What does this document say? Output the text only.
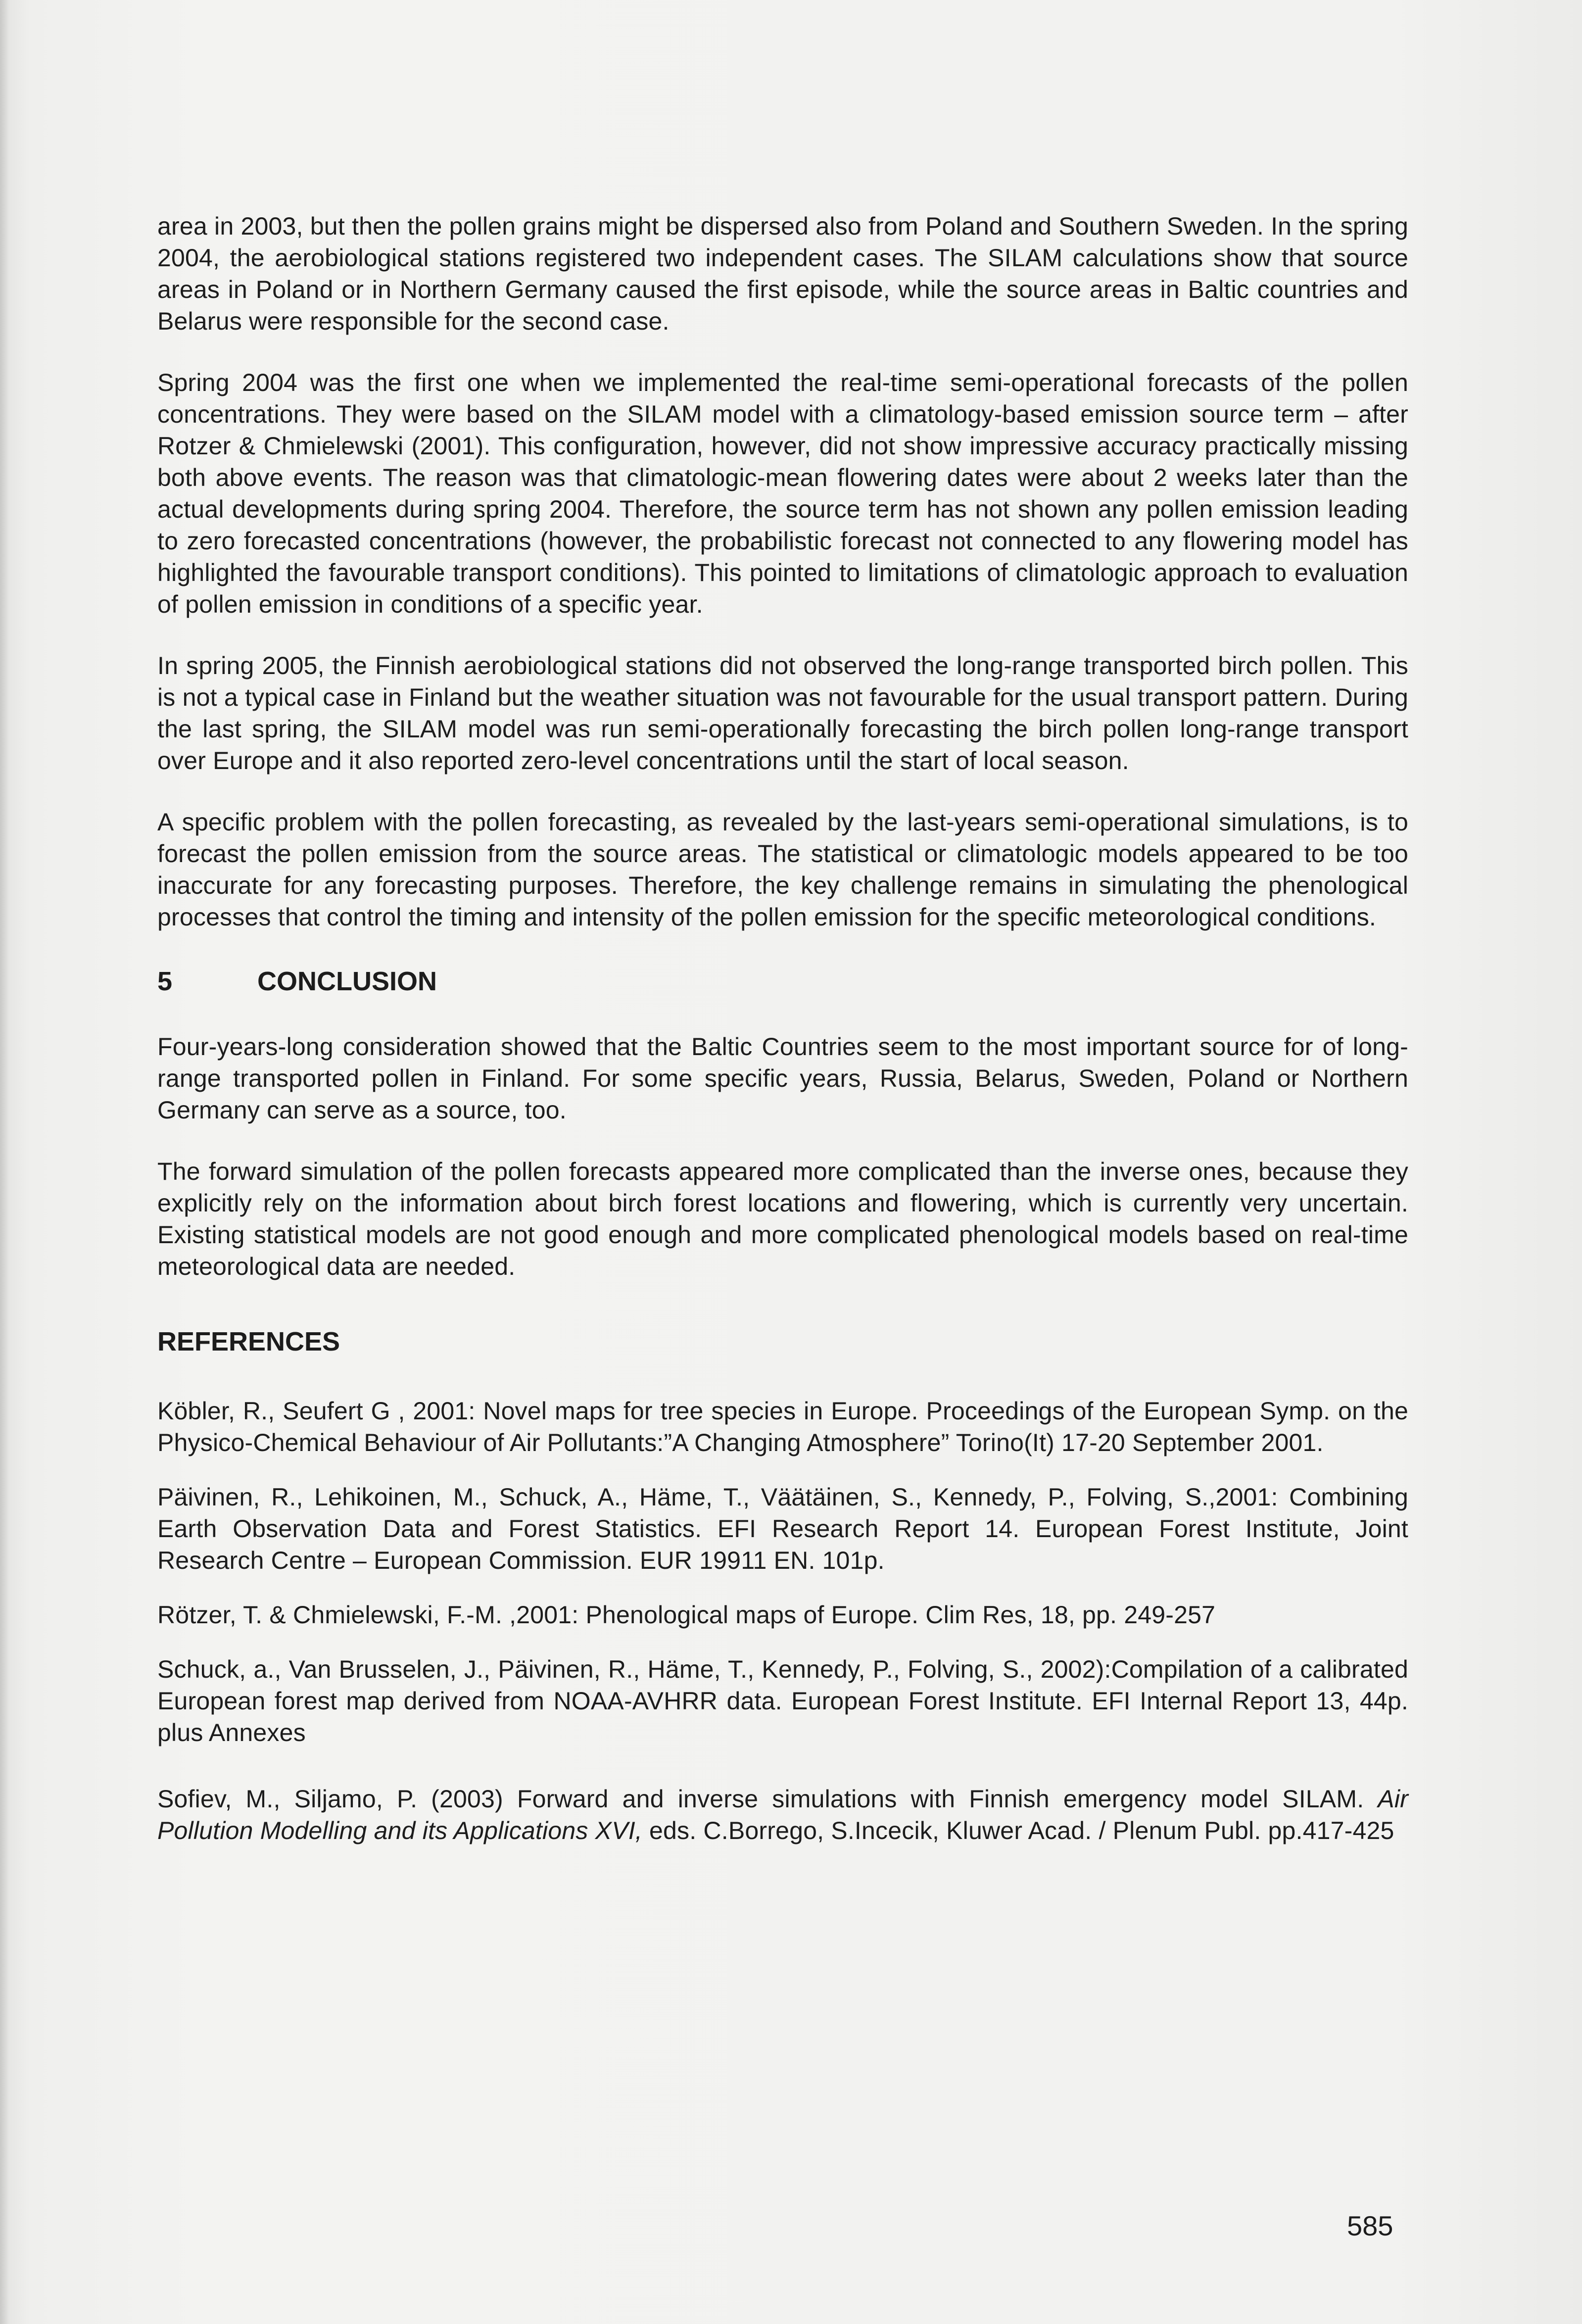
area in 2003, but then the pollen grains might be dispersed also from Poland and Southern Sweden. In the spring 2004, the aerobiological stations registered two independent cases. The SILAM calculations show that source areas in Poland or in Northern Germany caused the first episode, while the source areas in Baltic countries and Belarus were responsible for the second case.

Spring 2004 was the first one when we implemented the real-time semi-operational forecasts of the pollen concentrations. They were based on the SILAM model with a climatology-based emission source term – after Rotzer & Chmielewski (2001). This configuration, however, did not show impressive accuracy practically missing both above events. The reason was that climatologic-mean flowering dates were about 2 weeks later than the actual developments during spring 2004. Therefore, the source term has not shown any pollen emission leading to zero forecasted concentrations (however, the probabilistic forecast not connected to any flowering model has highlighted the favourable transport conditions). This pointed to limitations of climatologic approach to evaluation of pollen emission in conditions of a specific year.

In spring 2005, the Finnish aerobiological stations did not observed the long-range transported birch pollen. This is not a typical case in Finland but the weather situation was not favourable for the usual transport pattern. During the last spring, the SILAM model was run semi-operationally forecasting the birch pollen long-range transport over Europe and it also reported zero-level concentrations until the start of local season.

A specific problem with the pollen forecasting, as revealed by the last-years semi-operational simulations, is to forecast the pollen emission from the source areas. The statistical or climatologic models appeared to be too inaccurate for any forecasting purposes. Therefore, the key challenge remains in simulating the phenological processes that control the timing and intensity of the pollen emission for the specific meteorological conditions.

5	CONCLUSION

Four-years-long consideration showed that the Baltic Countries seem to the most important source for of long-range transported pollen in Finland. For some specific years, Russia, Belarus, Sweden, Poland or Northern Germany can serve as a source, too.

The forward simulation of the pollen forecasts appeared more complicated than the inverse ones, because they explicitly rely on the information about birch forest locations and flowering, which is currently very uncertain. Existing statistical models are not good enough and more complicated phenological models based on real-time meteorological data are needed.

REFERENCES

Köbler, R., Seufert G , 2001: Novel maps for tree species in Europe. Proceedings of the European Symp. on the Physico-Chemical Behaviour of Air Pollutants:”A Changing Atmosphere” Torino(It) 17-20 September 2001.

Päivinen, R., Lehikoinen, M., Schuck, A., Häme, T., Väätäinen, S., Kennedy, P., Folving, S.,2001: Combining Earth Observation Data and Forest Statistics. EFI Research Report 14. European Forest Institute, Joint Research Centre – European Commission. EUR 19911 EN. 101p.

Rötzer, T. & Chmielewski, F.-M. ,2001: Phenological maps of Europe. Clim Res, 18, pp. 249-257

Schuck, a., Van Brusselen, J., Päivinen, R., Häme, T., Kennedy, P., Folving, S., 2002):Compilation of a calibrated European forest map derived from NOAA-AVHRR data. European Forest Institute. EFI Internal Report 13, 44p. plus Annexes

Sofiev, M., Siljamo, P. (2003) Forward and inverse simulations with Finnish emergency model SILAM. Air Pollution Modelling and its Applications XVI, eds. C.Borrego, S.Incecik, Kluwer Acad. / Plenum Publ. pp.417-425

585
